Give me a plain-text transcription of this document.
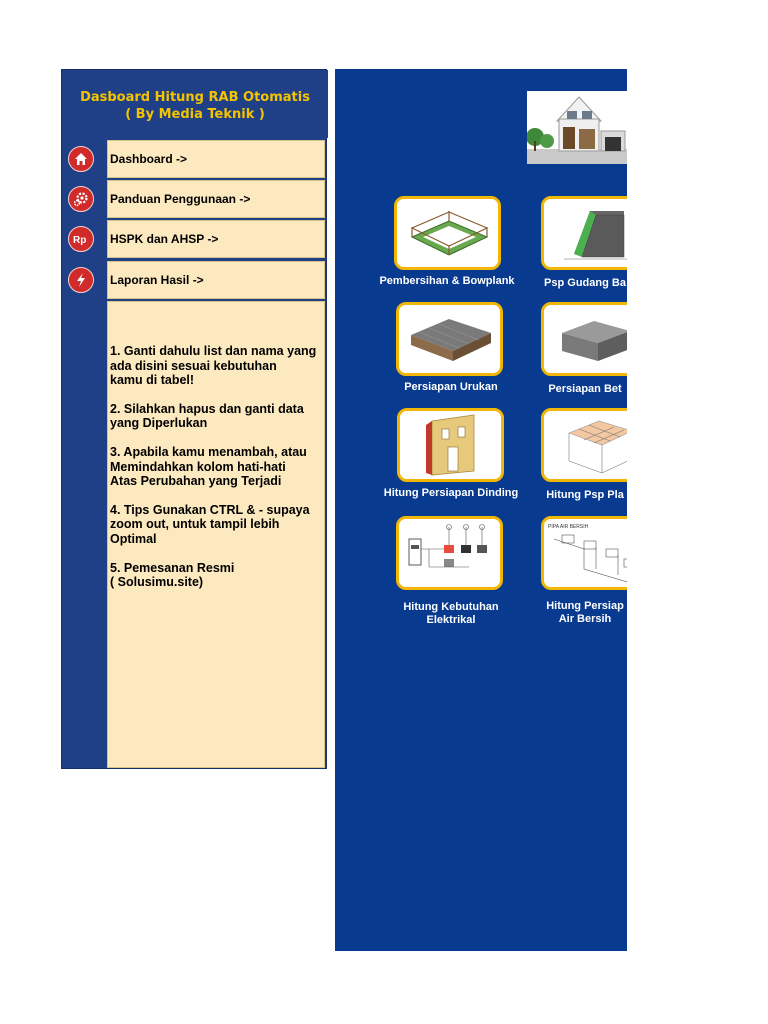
Dasboard Hitung RAB Otomatis
( By Media Teknik )
Dashboard ->
Panduan Penggunaan ->
Rp HSPK dan AHSP ->
Laporan Hasil ->
1. Ganti dahulu list dan nama yang
ada disini sesuai kebutuhan
kamu di tabel!
2. Silahkan hapus dan ganti data
yang Diperlukan
3. Apabila kamu menambah, atau
Memindahkan kolom hati-hati
Atas Perubahan yang Terjadi
4. Tips Gunakan CTRL & - supaya
zoom out, untuk tampil lebih
Optimal
5. Pemesanan Resmi
( Solusimu.site)
Pembersihan & Bowplank	Psp Gudang Ba
Persiapan Urukan	Persiapan Bet
Hitung Persiapan Dinding	Hitung Psp Pla
Hitung Kebutuhan
Elektrikal
PIPA AIR BERSIH
Hitung Persiap
Air Bersih
